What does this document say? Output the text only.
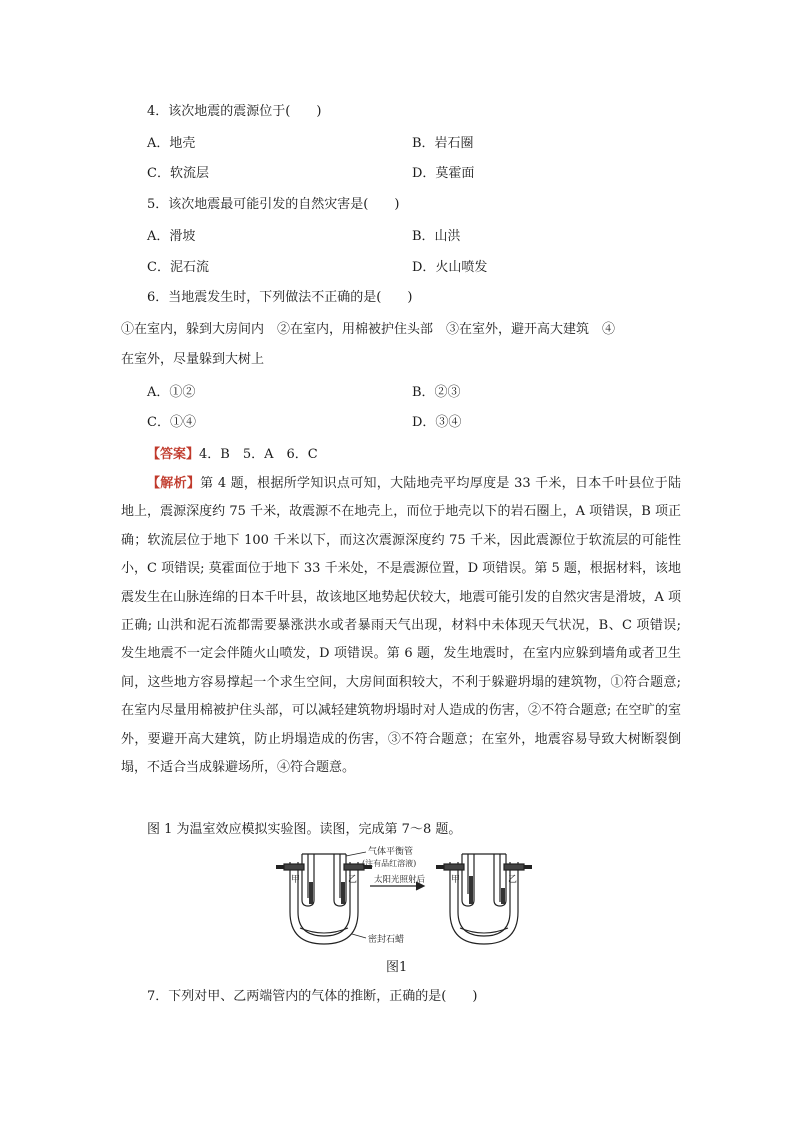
4．该次地震的震源位于(　　)
A．地壳	B．岩石圈
C．软流层	D．莫霍面
5．该次地震最可能引发的自然灾害是(　　)
A．滑坡	B．山洪
C．泥石流	D．火山喷发
6．当地震发生时，下列做法不正确的是(　　)
①在室内，躲到大房间内　②在室内，用棉被护住头部　③在室外，避开高大建筑　④
在室外，尽量躲到大树上
A．①②	B．②③
C．①④	D．③④
【答案】4．B　5．A　6．C
【解析】第 4 题，根据所学知识点可知，大陆地壳平均厚度是 33 千米，日本千叶县位于陆地上，震源深度约 75 千米，故震源不在地壳上，而位于地壳以下的岩石圈上，A 项错误，B 项正确；软流层位于地下 100 千米以下，而这次震源深度约 75 千米，因此震源位于软流层的可能性小，C 项错误; 莫霍面位于地下 33 千米处，不是震源位置，D 项错误。第 5 题，根据材料，该地震发生在山脉连绵的日本千叶县，故该地区地势起伏较大，地震可能引发的自然灾害是滑坡，A 项正确; 山洪和泥石流都需要暴涨洪水或者暴雨天气出现，材料中未体现天气状况，B、C 项错误; 发生地震不一定会伴随火山喷发，D 项错误。第 6 题，发生地震时，在室内应躲到墙角或者卫生间，这些地方容易撑起一个求生空间，大房间面积较大，不利于躲避坍塌的建筑物，①符合题意; 在室内尽量用棉被护住头部，可以减轻建筑物坍塌时对人造成的伤害，②不符合题意; 在空旷的室外，要避开高大建筑，防止坍塌造成的伤害，③不符合题意；在室外，地震容易导致大树断裂倒塌，不适合当成躲避场所，④符合题意。
图 1 为温室效应模拟实验图。读图，完成第 7～8 题。
气体平衡管
(注有品红溶液)
太阳光照射后
密封石蜡
甲	乙	甲	乙
图1
7．下列对甲、乙两端管内的气体的推断，正确的是(　　)
